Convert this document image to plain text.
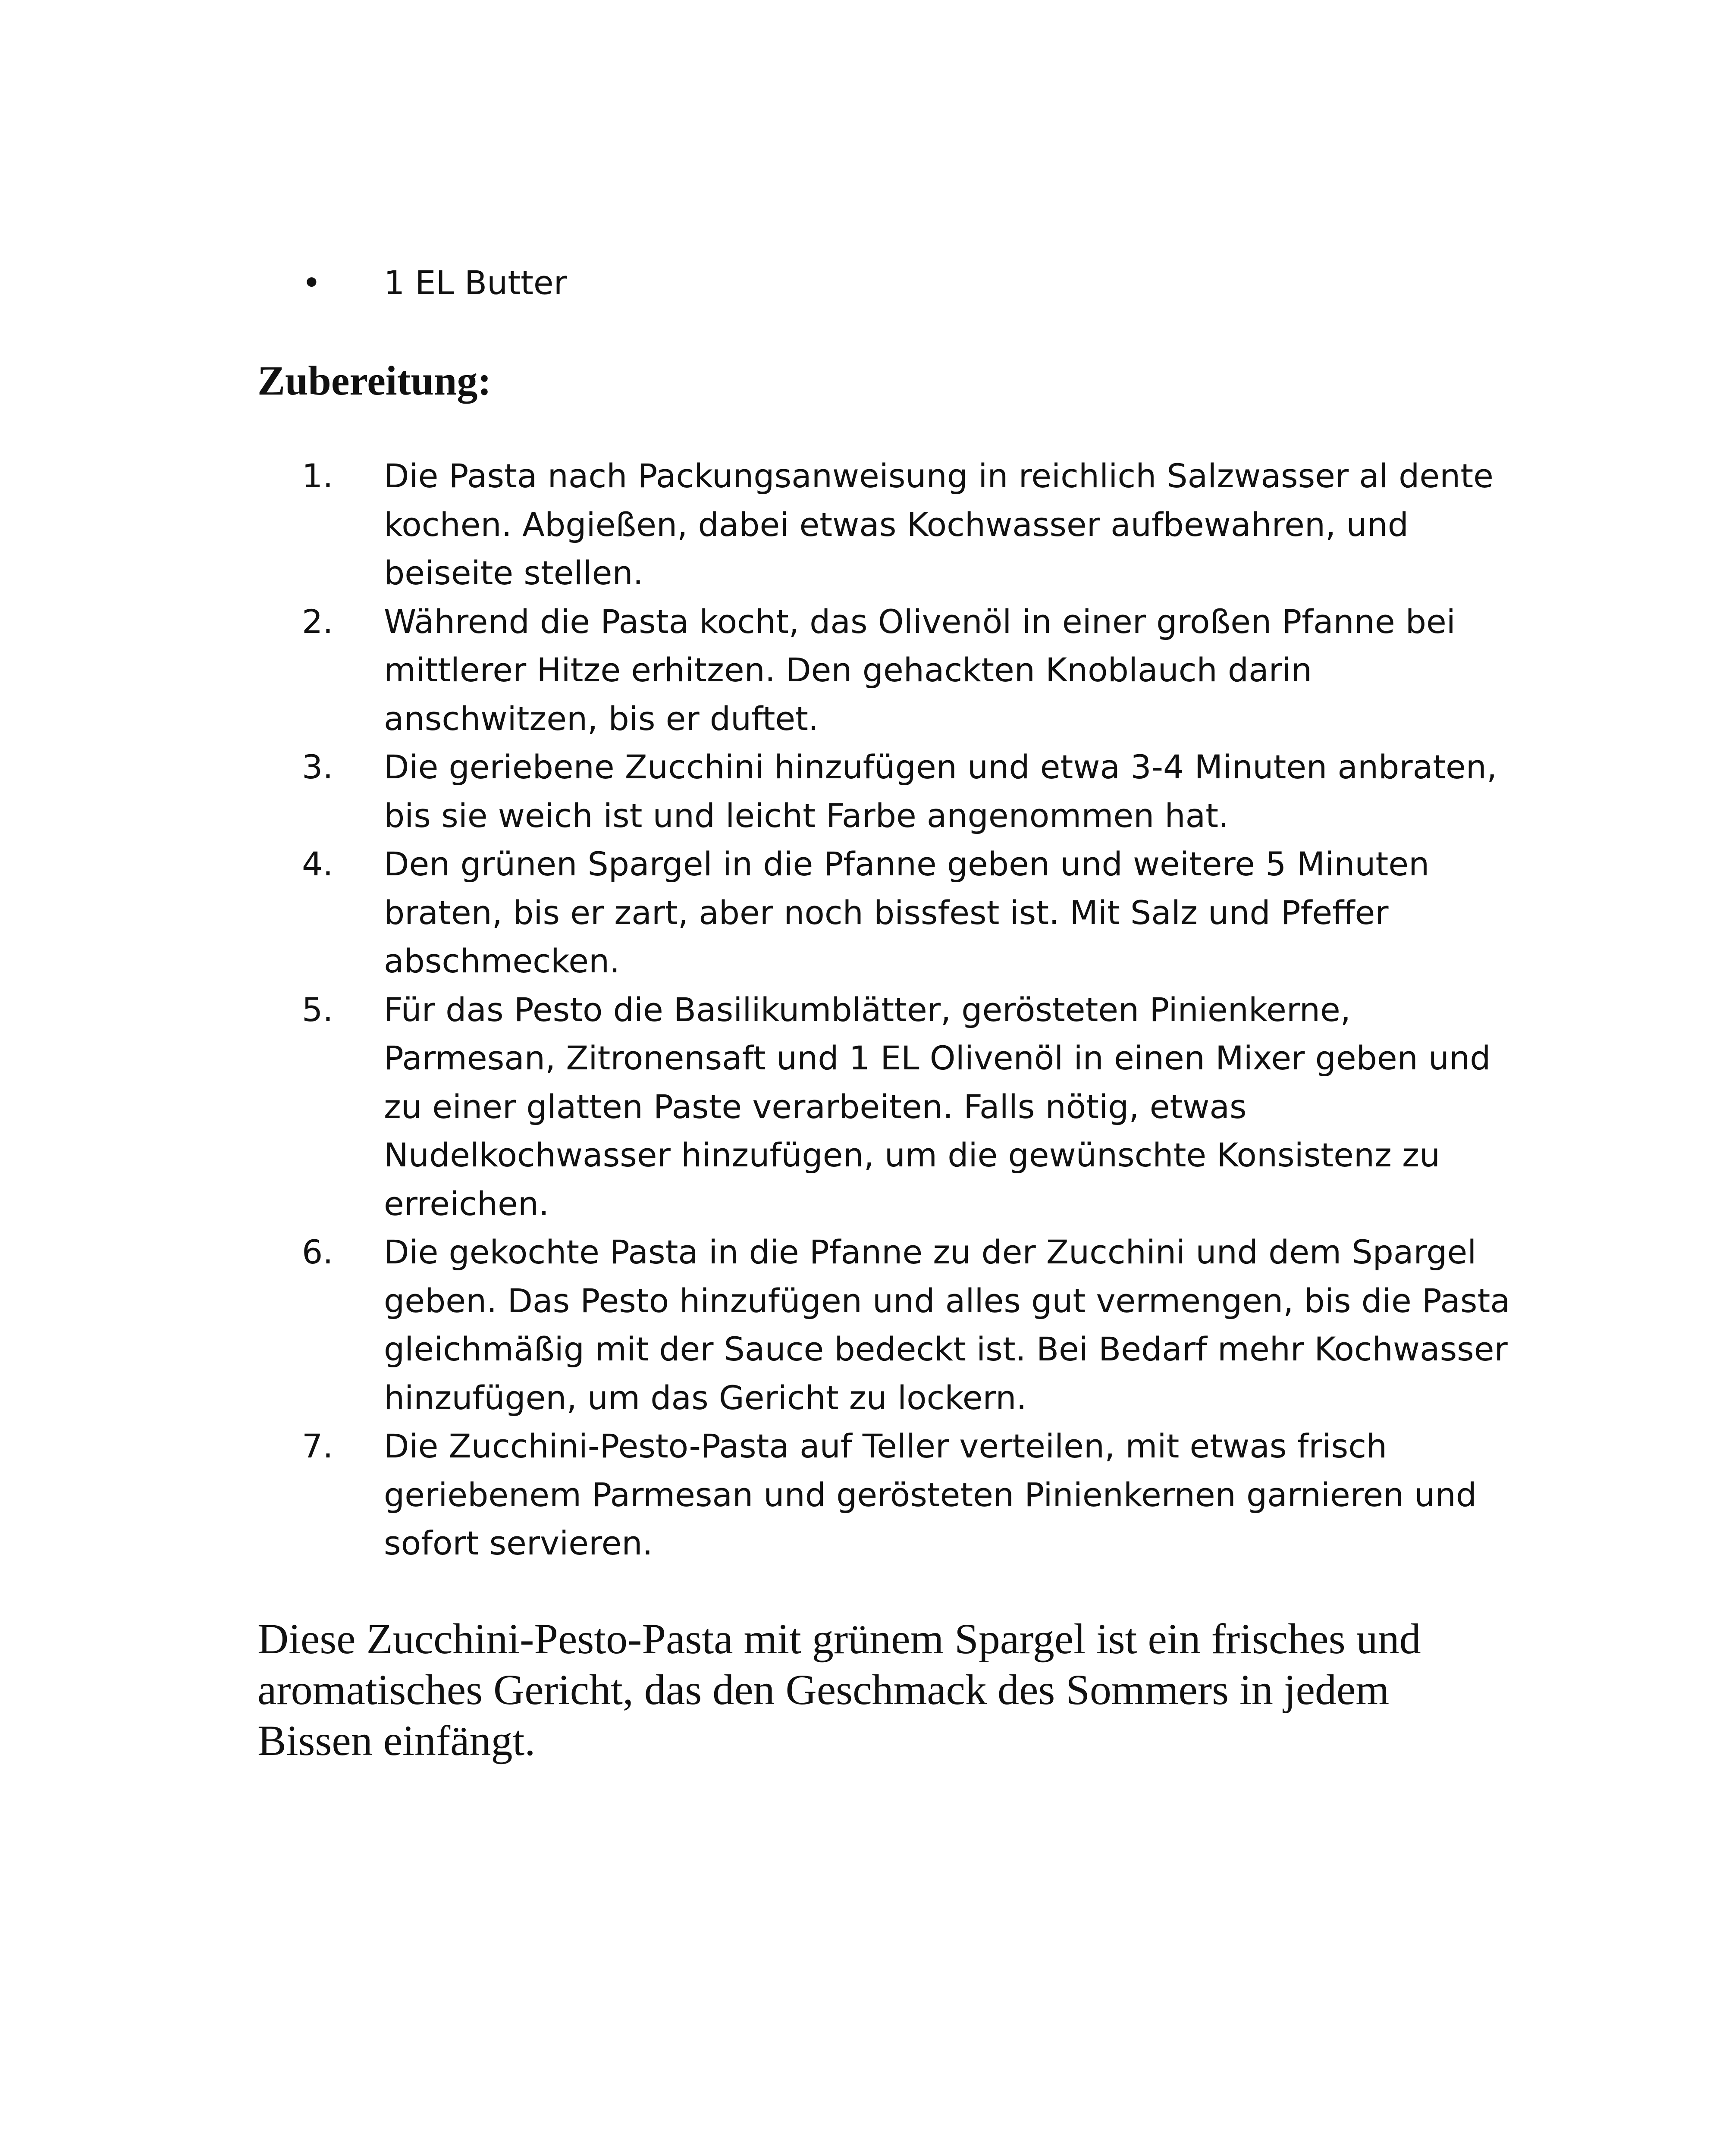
•	1 EL Butter
Zubereitung:
1.	Die Pasta nach Packungsanweisung in reichlich Salzwasser al dente
kochen. Abgießen, dabei etwas Kochwasser aufbewahren, und
beiseite stellen.
2.	Während die Pasta kocht, das Olivenöl in einer großen Pfanne bei
mittlerer Hitze erhitzen. Den gehackten Knoblauch darin
anschwitzen, bis er duftet.
3.	Die geriebene Zucchini hinzufügen und etwa 3-4 Minuten anbraten,
bis sie weich ist und leicht Farbe angenommen hat.
4.	Den grünen Spargel in die Pfanne geben und weitere 5 Minuten
braten, bis er zart, aber noch bissfest ist. Mit Salz und Pfeffer
abschmecken.
5.	Für das Pesto die Basilikumblätter, gerösteten Pinienkerne,
Parmesan, Zitronensaft und 1 EL Olivenöl in einen Mixer geben und
zu einer glatten Paste verarbeiten. Falls nötig, etwas
Nudelkochwasser hinzufügen, um die gewünschte Konsistenz zu
erreichen.
6.	Die gekochte Pasta in die Pfanne zu der Zucchini und dem Spargel
geben. Das Pesto hinzufügen und alles gut vermengen, bis die Pasta
gleichmäßig mit der Sauce bedeckt ist. Bei Bedarf mehr Kochwasser
hinzufügen, um das Gericht zu lockern.
7.	Die Zucchini-Pesto-Pasta auf Teller verteilen, mit etwas frisch
geriebenem Parmesan und gerösteten Pinienkernen garnieren und
sofort servieren.

Diese Zucchini-Pesto-Pasta mit grünem Spargel ist ein frisches und
aromatisches Gericht, das den Geschmack des Sommers in jedem
Bissen einfängt.
